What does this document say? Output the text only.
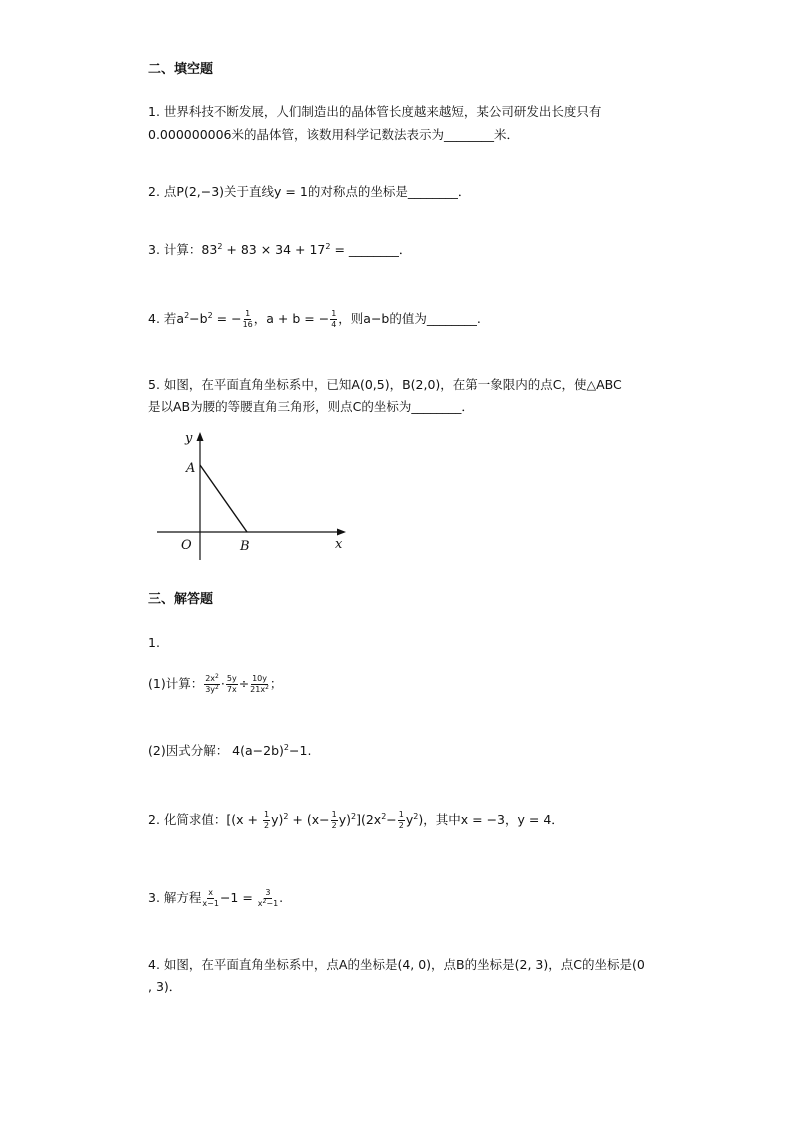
二、填空题
1. 世界科技不断发展，人们制造出的晶体管长度越来越短，某公司研发出长度只有
0.000000006米的晶体管，该数用科学记数法表示为________米．
2. 点P(2,−3)关于直线y = 1的对称点的坐标是________．
3. 计算：$83^2 + 83 \times 34 + 17^2$ = ________．
4. 若$a^2-b^2$ = − $\frac{1}{16}$ ，a + b = − $\frac{1}{4}$ ，则a−b的值为________.
5. 如图，在平面直角坐标系中，已知A(0,5)，B(2,0)，在第一象限内的点C，使△ABC
是以AB为腰的等腰直角三角形，则点C的坐标为________．
y
A
O	B	x
三、解答题
1.
(1)计算： $\frac{2x^2}{3y^2} \cdot \frac{5y}{7x} \div \frac{10y}{21x^2}$ ；
(2)因式分解： $4(a-2b)^2-1$.
2. 化简求值：$[(x + \frac{1}{2} y)^2 + (x- \frac{1}{2} y)^2](2x^2- \frac{1}{2} y^2)$，其中x = −3，y = 4．
3. 解方程 $\frac{x}{x-1} -1 = \frac{3}{x^2-1}$ .
4. 如图，在平面直角坐标系中，点A的坐标是(4, 0)，点B的坐标是(2, 3)，点C的坐标是(0
, 3)．
